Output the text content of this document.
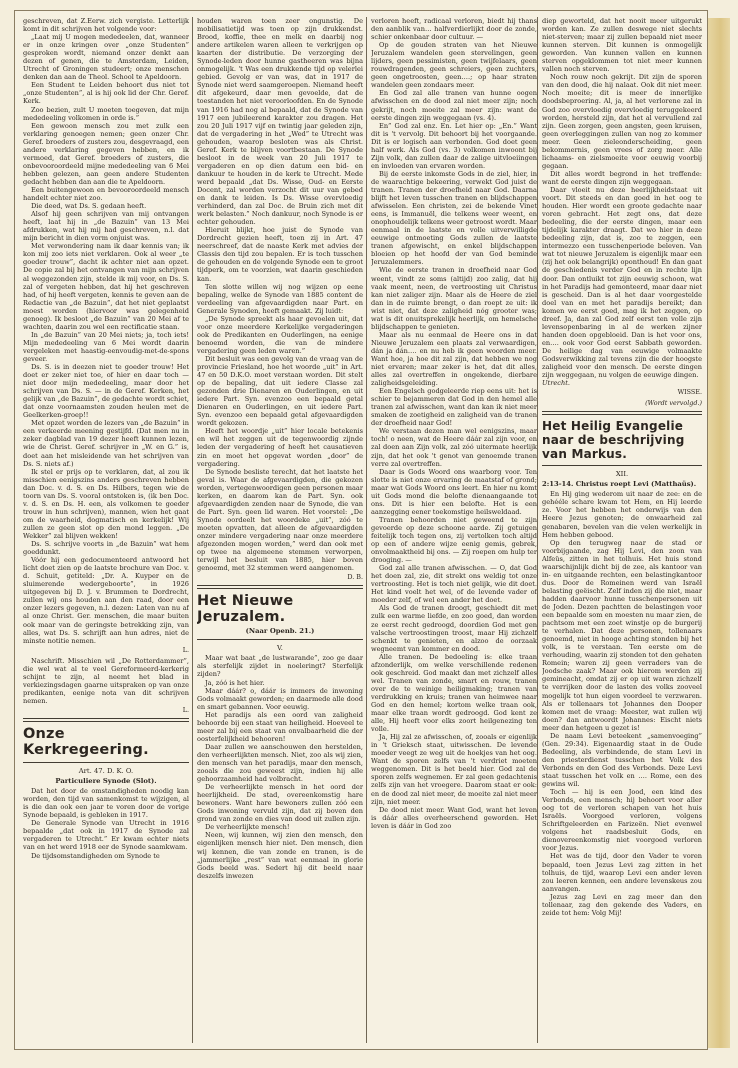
geschreven, dat Z.Eerw. zich vergiste. Letterlijk komt in dit schrijven het volgende voor:

„Laat mij U mogen mededeelen, dat, wanneer er in onze kringen over „onze Studenten” gesproken wordt, niemand onzer denkt aan dezen of genen, die te Amsterdam, Leiden, Utrecht of Groningen studeert; onze menschen denken dan aan de Theol. School te Apeldoorn.

Een Student te Leiden behoort dus niet tot „onze Studenten”, al is hij ook lid der Chr. Geref. Kerk.

Zoo bezien, zult U moeten toegeven, dat mijn mededeeling volkomen in orde is.”

Een gewoon mensch zou met zulk een verklaring genoegen nemen; geen onzer Chr. Geref. broeders of zusters zou, desgevraagd, een andere verklaring gegeven hebben, en ik vermoed, dat Geref. broeders of zusters, die onbevooroordeeld mijne mededeeling van 6 Mei hebben gelezen, aan geen andere Studenten gedacht hebben dan aan die te Apeldoorn.

Een buitengewoon en bevooroordeeld mensch handelt echter niet zoo.

Die deed, wat Ds. S. gedaan heeft.

Alsof hij geen schrijven van mij ontvangen heeft, laat hij in „de Bazuin” van 13 Mei afdrukken, wat hij mij had geschreven, n.l. dat mijn bericht in dien vorm onjuist was.

Met verwondering nam ik daar kennis van; ik kon mij zoo iets niet verklaren. Ook al weer „te goeder trouw”, dacht ik achter niet aan opzet. De copie zal bij het ontvangen van mijn schrijven al weggezonden zijn, stelde ik mij voor, en Ds. S. zal of vergeten hebben, dat hij het geschreven had, of hij heeft vergeten, kennis te geven aan de Redactie van „de Bazuin”, dat het niet geplaatst moest worden (hiervoor was gelegenheid genoeg). Ik besloot „de Bazuin” van 20 Mei af te wachten, daarin zou wel een rectificatie staan.

In „de Bazuin” van 20 Mei niets; ja, toch iets! Mijn mededeeling van 6 Mei wordt daarin vergeleken met haastig-eenvoudig-met-de-spons geveer.

Ds. S. is in deezen niet te goeder trouw! Het doet er zeker niet toe, of hier en daar toch — niet door mijn mededeeling, maar door het schrijven van Ds. S. — in de Geref. Kerken, het gelijk van „de Bazuin”, de gedachte wordt schiet, dat onze voornaamsten zouden heulen met de Geelkerken-groep!!

Met opzet worden de lezers van „de Bazuin” in een verkeerde meening gestijfd. (Dat men nu in zeker dagblad van 19 dezer heeft kunnen lezen, wie de Christ. Geref. schrijver in „W. en G.” is, doet aan het misleidende van het schrijven van Ds. S. niets af.)

Ik stel er prijs op te verklaren, dat, al zou ik misschien eenigszins anders geschreven hebben dan Doc. v. d. S. en Ds. Hilbers, tegen wie de toorn van Ds. S. vooral ontstoken is, (ik ben Doc. v. d. S. en Ds. H. een, als volkomen te goeder trouw in hun schrijven), mannen, wien het gaat om de waarheid, dogmatisch en kerkelijk! Wij zullen ze geen slot op den mond leggen. „De Wekker” zal blijven wekken!

Ds. S. schrijve voorts in „de Bazuin” wat hem goeddunkt.

Vóór hij een gedocumenteerd antwoord het licht doet zien op de laatste brochure van Doc. v. d. Schuit, getiteld: „Dr. A. Kuyper en de sluimerende wedergeboorte”, in 1926 uitgegeven bij D. J. v. Brummen te Dordrecht, zullen wij ons houden aan den raad, door een onzer lezers gegeven, n.l. dezen: Laten van nu af al onze Christ. Ger. menschen, die maar buiten ook maar van de geringste betrekking zijn, van alles, wat Ds. S. schrijft aan hun adres, niet de minste notitie nemen.

L.

Naschrift. Misschien wil „De Rotterdammer”, die wel wat al te veel Gereformeerd-kerkerig schijnt te zijn, al neemt het blad in verkiezingsdagen gaarne uitspraken op van onze predikanten, eenige nota van dit schrijven nemen.

L.
Onze Kerkregeering.
Art. 47. D. K. O.
Particuliere Synode (Slot).

Dat het door de omstandigheden noodig kan worden, den tijd van samenkomst te wijzigen, al is die dan ook een jaar te voren door de vorige Synode bepaald, is gebleken in 1917.

De Generale Synode van Utrecht in 1916 bepaalde „dat ook in 1917 de Synode zal vergaderen te Utrecht.” Er kwam echter niets van en het werd 1918 eer de Synode saamkwam.

De tijdsomstandigheden om Synode te

houden waren toen zeer ongunstig. De mobilisatietijd was toen op zijn drukkendst. Brood, koffie, thee en melk en daarbij nog andere artikelen waren alleen te verkrijgen op kaarten der distributie. De verzorging der Synode-leden door hunne gastheeren was bijna onmogelijk. 't Was een drukkende tijd op velerlei gebied. Gevolg er van was, dat in 1917 de Synode niet werd saamgeroepen. Niemand heeft dit afgekeurd, daar men gevoelde, dat de toestanden het niet veroorloofden. En de Synode van 1916 had nog al bepaald, dat de Synode van 1917 een jubileerend karakter zou dragen. Het zou 20 Juli 1917 vijf en twintig jaar geleden zijn, dat de vergadering in het „Wed” te Utrecht was gehouden, waarop besloten was als Christ. Geref. Kerk te blijven voortbestaan. De Synode besloot in de week van 20 Juli 1917 te vergaderen en op dien datum een bid- en dankuur te houden in de kerk te Utrecht. Mede werd bepaald „dat Ds. Wisse, Oud- en Eerste Docent, zal worden verzocht dit uur van gebed en dank te leiden. Is Ds. Wisse overvloedig verhinderd, dan zal Doc. de Bruin zich met dit werk belasten.” Noch dankuur, noch Synode is er echter gehouden.

Hieruit blijkt, hoe juist de Synode van Dordrecht gezien heeft, toen zij in Art. 47 neerschreef, dat de naaste Kerk met advies der Classis den tijd zou bepalen. Er is toch tusschen de gehouden en de volgende Synode een te groot tijdperk, om te voorzien, wat daarin geschieden kan.

Ten slotte willen wij nog wijzen op eene bepaling, welke de Synode van 1885 content de verdeeling van afgevaardigden naar Part. en Generale Synoden, heeft gemaakt. Zij luidt:

„De Synode spreekt als haar gevoelen uit, dat voor onze meerdere Kerkelijke vergaderingen ook de Predikanten en Ouderlingen, na eenige benoemd worden, die van de mindere vergadering geen leden waren.”

Dit besluit was een gevolg van de vraag van de provincie Friesland, hoe het woorde „uit” in Art. 47 en 50 D.K.O. moet verstaan worden. Dit stelt op de bepaling, dat uit iedere Classe zal gezonden drie Dienaren en Ouderlingen, en uit iedere Part. Syn. evenzoo een bepaald getal Dienaren en Ouderlingen, en uit iedere Part. Syn. evenzoo een bepaald getal afgevaardigden wordt gekozen.

Heeft het woordje „uit” hier locale betekenis en wil het zeggen uit de tegenwoordig zijnde leden der vergadering of heeft het causatieven zin en moet het opgevat worden „door” de vergadering.

De Synode besliste terecht, dat het laatste het geval is. Waar de afgevaardigden, die gekozen worden, vertegenwoordigen geen personen maar kerken, en daarom kan de Part. Syn. ook afgevaardigden zenden naar de Synode, die van de Part. Syn. geen lid waren. Het voorstel: „De Synode oordeelt het woordeke „uit”, zóó te moeten opvatten, dat alleen de afgevaardigden onzer mindere vergadering naar onze meerdere afgezonden mogen worden,” werd dan ook met op twee na algemeene stemmen verworpen, terwijl het besluit van 1885, hier boven genoemd, met 32 stemmen werd aangenomen.

D. B.
Het Nieuwe Jeruzalem.
(Naar Openb. 21.)
V.

Maar wat baat „de lustwarande”, zoo ge daar als sterfelijk zijdet in noeleringt? Sterfelijk zijden?

Ja, zóó is het hier.

Maar dáár? o, dáár is immers de inwoning Gods volmaakt geworden; en daarmede alle dood en smart gebannen. Voor eeuwig.

Het paradijs als een oord van zaligheid behoorde bij een staat van heiligheid. Hoeveel te meer zal bij een staat van onvalbaarheid die der oosterfelijkheid behooren!

Daar zullen we aanschouwen den herstelden, den verheerlijkten mensch. Niet, zoo als wij zien, den mensch van het paradijs, maar den mensch, zooals die zou geweest zijn, indien hij alle gehoorzaamheid had volbracht.

De verheerlijkte mensch in het oord der heerlijkheid. De stad, overeenkomstig hare bewoners. Want hare bewoners zullen zóó een Gods inwoning vervuld zijn, dat zij boven den grond van zonde en dies van dood uit zullen zijn.

De verheerlijkte mensch!

Neen, wij kunnen, wij zien den mensch, den eigenlijken mensch hier niet. Den mensch, dien wij kennen, die van zonde en tranen, is de „jammerlijke „rest” van wat eenmaal in glorie Gods beeld was. Sedert hij dit beeld naar deszelfs inwezen

verloren heeft, radicaal verloren, biedt hij thans den aanblik van… halfverdierlijkt door de zonde, schier onkenbaar door cultuur. —

Op de gouden straten van het Nieuwe Jeruzalem wandelen geen stervelingen, geen lijders, geen pessimisten, geen twijfelaars, geen rouwdragenden, geen schreiers, geen zuchters, geen ongetroosten, geen….; op haar straten wandelen geen zondaars meer.

En God zal alle tranen van hunne oogen afwisschen en de dood zal niet meer zijn; noch gekrijt, noch moeite zal meer zijn: want de eerste dingen zijn weggegaan (vs. 4).

En” God zal enz. En. Let hier op: „En.” Want dit is 't vervolg. Dit behoort bij het voorgaande. Dit is er logisch aan verbonden. God doet geen half werk. Als God (vs. 3) volkomen inwoont bij Zijn volk, dan zullen daar de zalige uitvloeiingen en invloeden van ervaren worden.

Bij de eerste inkomste Gods in de ziel, hier, in de waarachtige bekeering, verwekt God juist de tranen. Tranen der droefheid naar God. Daarna blijft het leven tusschen tranen en blijdschappen afwisselen. Een christen, zei de bekende Vinet eens, is Immanuël, die telkens weer weent, en onophoudelijk telkens weer getroost wordt. Maar eenmaal in de laatste en volle uitverwilligde eeuwige ontmoeting Gods zullen de laatste tranen afgewischt, en enkel blijdschappen bloeien op het hoofd der van God bemindе Jeruzalemmers.

Wie de eerste tranen in droefheid naar God weent, vindt ze soms (altijd) zoo zalig, dat hij vaak meent, neen, de vertroosting uit Christus kan niet zaliger zijn. Maar als de Heere de ziel dan in de ruimte brengt, o dan roept ze uit: ik wist niet, dat deze zaligheid nóg grooter was; wat is dit onuitsprekelijk heerlijk, om hemelsche blijdschappen te genieten.

Maar als nu eenmaal de Heere ons in dat Nieuwe Jeruzalem een plaats zal verwaardigen, dán ja dán…. en nu heb ik geen woorden meer. Want hoe, ja hoe dit zal zijn, dat hebben we nog niet ervaren; maar zeker is het, dat dit alles, alles zal overtreffen in ongekende, dierbare zaligheidsgeleiding.

Een Engelsch godgeleerde riep eens uit: het is schier te bejammeren dat God in den hemel alle tranen zal afwisschen, want dan kan ik niet meer smaken de zoetigheid en zaligheid van de tranen der droefheid naar God!

We verstaan dezen man wel eenigszins, maar toch! o neen, wat de Heere dáár zal zijn voor, en zal doen aan Zijn volk, zal zóó uitermate heerlijk zijn, dat het ook 't genot van genoemde tranen verre zal overtreffen.

Daar is Gods Woord ons waarborg voor. Ten slotte is niet onze ervaring de maatstaf of grond; maar wat Gods Woord ons leert. En hier nu komt uit Gods mond die belofte dienaangaande tot ons. Dit is hier een belofte. Het is een aanzegging eener toekomstige heilsweldaad.

Tranen behoorden niet geweend te zijn gevoerde op deze schoone aarde. Zij getuigen feitelijk toch tegen ons, zij vertolken toch altijd op een of andere wijze eenig gemis, gebrek, onvolmaaktheid bij ons. — Zij roepen om hulp ter drooging. —

God zal alle tranen afwisschen. — O, dat God het doen zal, zie, dit strekt ons weldig tot onze vertroosting. Het is toch niet gelijk, wie dit doet. Het kind voelt het wel, of de levende vader of moeder zelf, of wel een ander het doet.

Als God de tranen droogt, geschiedt dit met zulk een warme liefde, en zoo goed, dan worden ze eerst recht gedroogd, doordien God met gen valsche vertroostingen troost, maar Hij zichzelf schenkt te genieten, en alzoo de oorzaak wegneemt van kommer en dood.

Alle tranen. De bedoeling is: elke traan afzonderlijk, om welke verschillende redenen ook geschreid. God maakt dan met zichzelf alles wel. Tranen van zonde, smart en rouw, tranen over de te weinige heiligmaking; tranen van verdrukking en kruis; tranen van heimwee naar God en den hemel; kortom welke traan ook, maar elke traan wordt gedroogd. God kent ze alle, Hij heeft voor elks zoort heilgenezing ten volle.

Ja, Hij zal ze afwisschen, of, zooals er eigenlijk in 't Grieksch staat, uitwisschen. De levende moeder veegt ze weg uit de hoekjes van het oog. Want de sporen zelfs van 't verdriet moeten weggenomen. Dit is het beeld hier. God zal de sporen zelfs wegnemen. Er zal geen gedachtenis zelfs zijn van het vroegere. Daarom staat er ook: en de dood zal niet meer, de moeite zal niet meer zijn, niet meer.

De dood niet meer. Want God, want het leven is dáár alles overheerschend geworden. Het leven is dáár in God zoo

diep geworteld, dat het nooit meer uitgerukt worden kan. Ze zullen deswege niet slechts niet-sterven; maar zij zullen bepaald niet meer kunnen sterven. Dit kunnen is onmogelijk geworden. Van kunnen vallen en kunnen sterven opgeklommen tot niet meer kunnen vallen noch sterven.

Noch rouw noch gekrijt. Dit zijn de sporen van den dood, die hij nalaat. Ook dit niet meer. Noch moeite; dit is meer de innerlijke doodsbeproering. Al, ja, al het verlorene zal in God zoo overvloedig overvloedig teruggekeerd worden, hersteld zijn, dat het al vervullend zal zijn. Geen zorgen, geen angsten, geen kruisen, geen overleggingen zullen van nog zo kommer meer. Geen zieleonderscheiding, geen bekommernis, geen vrees of zorg meer. Alle lichaams- en zielsmoeite voor eeuwig voorbij gegaan.

Dit alles wordt begrond in het treffende: want de eerste dingen zijn weggegaan.

Daar vloeit nu deze heerlijkheidstaat uit voort. Dit steeds en dan goed in het oog te houden. Hier wordt een groote gedachte naar voren gebracht. Het zegt ons, dat deze bedeeling, die der eerste dingen, maar een tijdelijk karakter draagt. Dat wo hier in deze bedeeling zijn, dat is, zoo te zeggen, een intermezzo een tusschenperiode beleven. Van wat tot nieuwe Jeruzalem is eigenlijk maar een (zij het ook belangrijk) oponthoud! En dan gaat de geschiedenis verder God en in rechte lijn door. Dan ontluikt tot zijn eeuwig schoon, wat in het Paradijs had gemonteerd, maar daar niet is gescheid. Dan is al het daar voorgestelde doel van en met het paradijs bereikt; dan komen we eerst goed, mag ik het zeggen, op dreef. Ja, dan zal God zelf eerst ten volle zijn levensopenbaring in al de werken zijner handen doen opgebloeid. Dan is het voor ons, en…. ook voor God eerst Sabbath geworden. De heilige dag van eeuwige volmaakte Godsverwikking zal tevens zijn die der hoogste zaligheid voor den mensch. De eerste dingen zijn weggegaan, nu volgen de eeuwige dingen.

Utrecht.

WISSE.
(Wordt vervolgd.)
Het Heilig Evangelie naar de beschrijving van Markus.
XII.
2:13-14. Christus roept Levi (Matthaüs).

En Hij ging wederom uit naar de zee: en de gehééle schare kwam tot Hem, en Hij leerde ze. Voor het hebben het onderwijs van den Heere Jezus genoten; de onwaarheid zal genabaren, bevelen van die velen werkelijk in Hem hebben gebood.

Op den terugweg naar de stad or voorbijgaande, zag Hij Levi, den zoon van Alfeüs, zitten in het tolhuis. Het huis stond waarschijnlijk dicht bij de zee, als kantoor van in- en uitgaande rechten, een belastingkantoor dus. Door de Romeinen werd van Israël belasting geëischt. Zelf inden zij die niet, maar hadden daarvoor hunne tusschenpersonen uit de Joden. Dezen pachtten de belastingen voor een bepaalde som en moesten nu maar zien, de pachtsom met een zoet winstje op de burgerij te verhalen. Dat deze personen, tollenaars genoemd, niet in hooge achting stonden bij het volk, is te verstaan. Ten eerste om de verhouding, waarin zij stonden tot den gehaten Romein; waren zij geen verraders van de Joodsche zaak? Maar ook hierom werden zij gemineacht, omdat zij er op uit waren zichzelf te verrijken door de lasten des volks zooveel mogelijk tot hun eigen voordeel te verzwaren. Als er tollenaars tot Johannes den Dooper komen met de vraag: Meester, wat zullen wij doen? dan antwoordt Johannes: Eischt niets meer dan hetgeen u gezet is!

De naam Levi beteekent „samenvoeging” (Gen. 29:34). Eigenaardig staat in de Oude Bedeeling, als verbindende, de stam Levi in den priesterdienst tusschen het Volk des Verbonds en den God des Verbonds. Deze Levi staat tusschen het volk en …. Rome, een des gewins wil.

Toch — hij is een Jood, een kind des Verbonds, een mensch; hij behoort voor aller oog tot de verloren schapen van het huis Israëls. Voorgoed verloren, volgens Schriftgeleerden en Farizeën. Niet evenwel volgens het raadsbesluit Gods, en dienovereenkomstig niet voorgoed verloren voor Jezus.

Het was de tijd, door den Vader te voren bepaald, toen Jezus Levi zag zitten in het tolhuis, de tijd, waarop Levi een ander leven zou leeren kennen, een andere levenskeus zou aanvangen.

Jezus zag Levi en zag meer dan den tollenaar, zag den gekende des Vaders, en zeide tot hem: Volg Mij!
